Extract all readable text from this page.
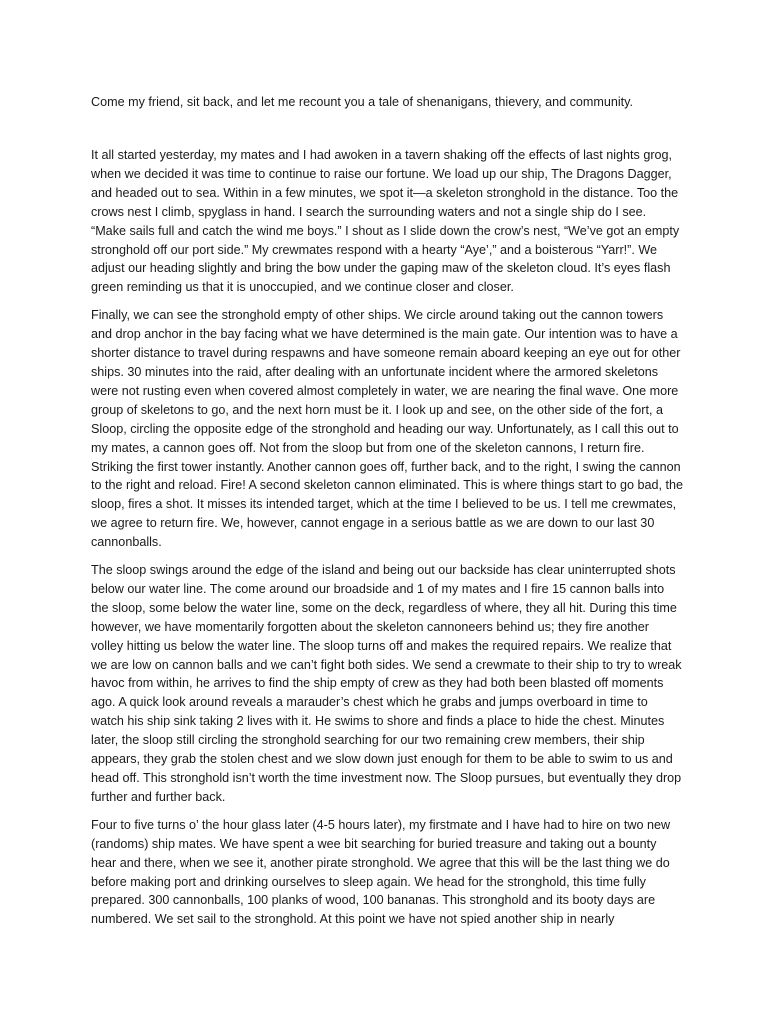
Come my friend, sit back, and let me recount you a tale of shenanigans, thievery, and community.

It all started yesterday, my mates and I had awoken in a tavern shaking off the effects of last nights grog, when we decided it was time to continue to raise our fortune. We load up our ship, The Dragons Dagger, and headed out to sea. Within in a few minutes, we spot it—a skeleton stronghold in the distance. Too the crows nest I climb, spyglass in hand. I search the surrounding waters and not a single ship do I see. “Make sails full and catch the wind me boys.” I shout as I slide down the crow’s nest, “We’ve got an empty stronghold off our port side.” My crewmates respond with a hearty “Aye’,” and a boisterous “Yarr!”. We adjust our heading slightly and bring the bow under the gaping maw of the skeleton cloud. It’s eyes flash green reminding us that it is unoccupied, and we continue closer and closer.

Finally, we can see the stronghold empty of other ships. We circle around taking out the cannon towers and drop anchor in the bay facing what we have determined is the main gate. Our intention was to have a shorter distance to travel during respawns and have someone remain aboard keeping an eye out for other ships. 30 minutes into the raid, after dealing with an unfortunate incident where the armored skeletons were not rusting even when covered almost completely in water, we are nearing the final wave. One more group of skeletons to go, and the next horn must be it. I look up and see, on the other side of the fort, a Sloop, circling the opposite edge of the stronghold and heading our way. Unfortunately, as I call this out to my mates, a cannon goes off. Not from the sloop but from one of the skeleton cannons, I return fire. Striking the first tower instantly. Another cannon goes off, further back, and to the right, I swing the cannon to the right and reload. Fire! A second skeleton cannon eliminated. This is where things start to go bad, the sloop, fires a shot. It misses its intended target, which at the time I believed to be us. I tell me crewmates, we agree to return fire. We, however, cannot engage in a serious battle as we are down to our last 30 cannonballs.

The sloop swings around the edge of the island and being out our backside has clear uninterrupted shots below our water line. The come around our broadside and 1 of my mates and I fire 15 cannon balls into the sloop, some below the water line, some on the deck, regardless of where, they all hit. During this time however, we have momentarily forgotten about the skeleton cannoneers behind us; they fire another volley hitting us below the water line. The sloop turns off and makes the required repairs. We realize that we are low on cannon balls and we can’t fight both sides. We send a crewmate to their ship to try to wreak havoc from within, he arrives to find the ship empty of crew as they had both been blasted off moments ago. A quick look around reveals a marauder’s chest which he grabs and jumps overboard in time to watch his ship sink taking 2 lives with it. He swims to shore and finds a place to hide the chest. Minutes later, the sloop still circling the stronghold searching for our two remaining crew members, their ship appears, they grab the stolen chest and we slow down just enough for them to be able to swim to us and head off. This stronghold isn’t worth the time investment now. The Sloop pursues, but eventually they drop further and further back.

Four to five turns o’ the hour glass later (4-5 hours later), my firstmate and I have had to hire on two new (randoms) ship mates. We have spent a wee bit searching for buried treasure and taking out a bounty hear and there, when we see it, another pirate stronghold. We agree that this will be the last thing we do before making port and drinking ourselves to sleep again. We head for the stronghold, this time fully prepared. 300 cannonballs, 100 planks of wood, 100 bananas. This stronghold and its booty days are numbered. We set sail to the stronghold. At this point we have not spied another ship in nearly
